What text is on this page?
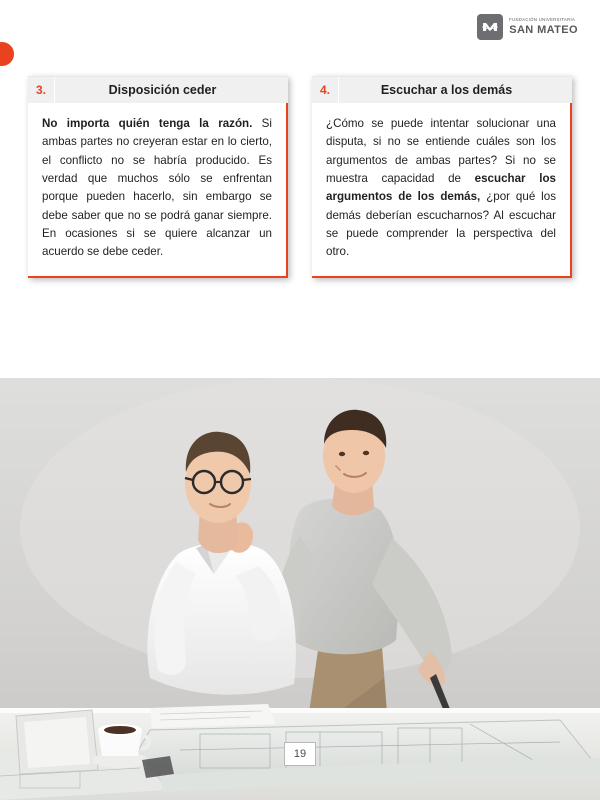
FUNDACIÓN UNIVERSITARIA
SAN MATEO
3.	Disposición ceder
No importa quién tenga la razón. Si ambas partes no creyeran estar en lo cierto, el conflicto no se habría producido. Es verdad que muchos sólo se enfrentan porque pueden hacerlo, sin embargo se debe saber que no se podrá ganar siempre. En ocasiones si se quiere alcanzar un acuerdo se debe ceder.
4.	Escuchar a los demás
¿Cómo se puede intentar solucionar una disputa, si no se entiende cuáles son los argumentos de ambas partes? Si no se muestra capacidad de escuchar los argumentos de los demás, ¿por qué los demás deberían escucharnos? Al escuchar se puede comprender la perspectiva del otro.
19
